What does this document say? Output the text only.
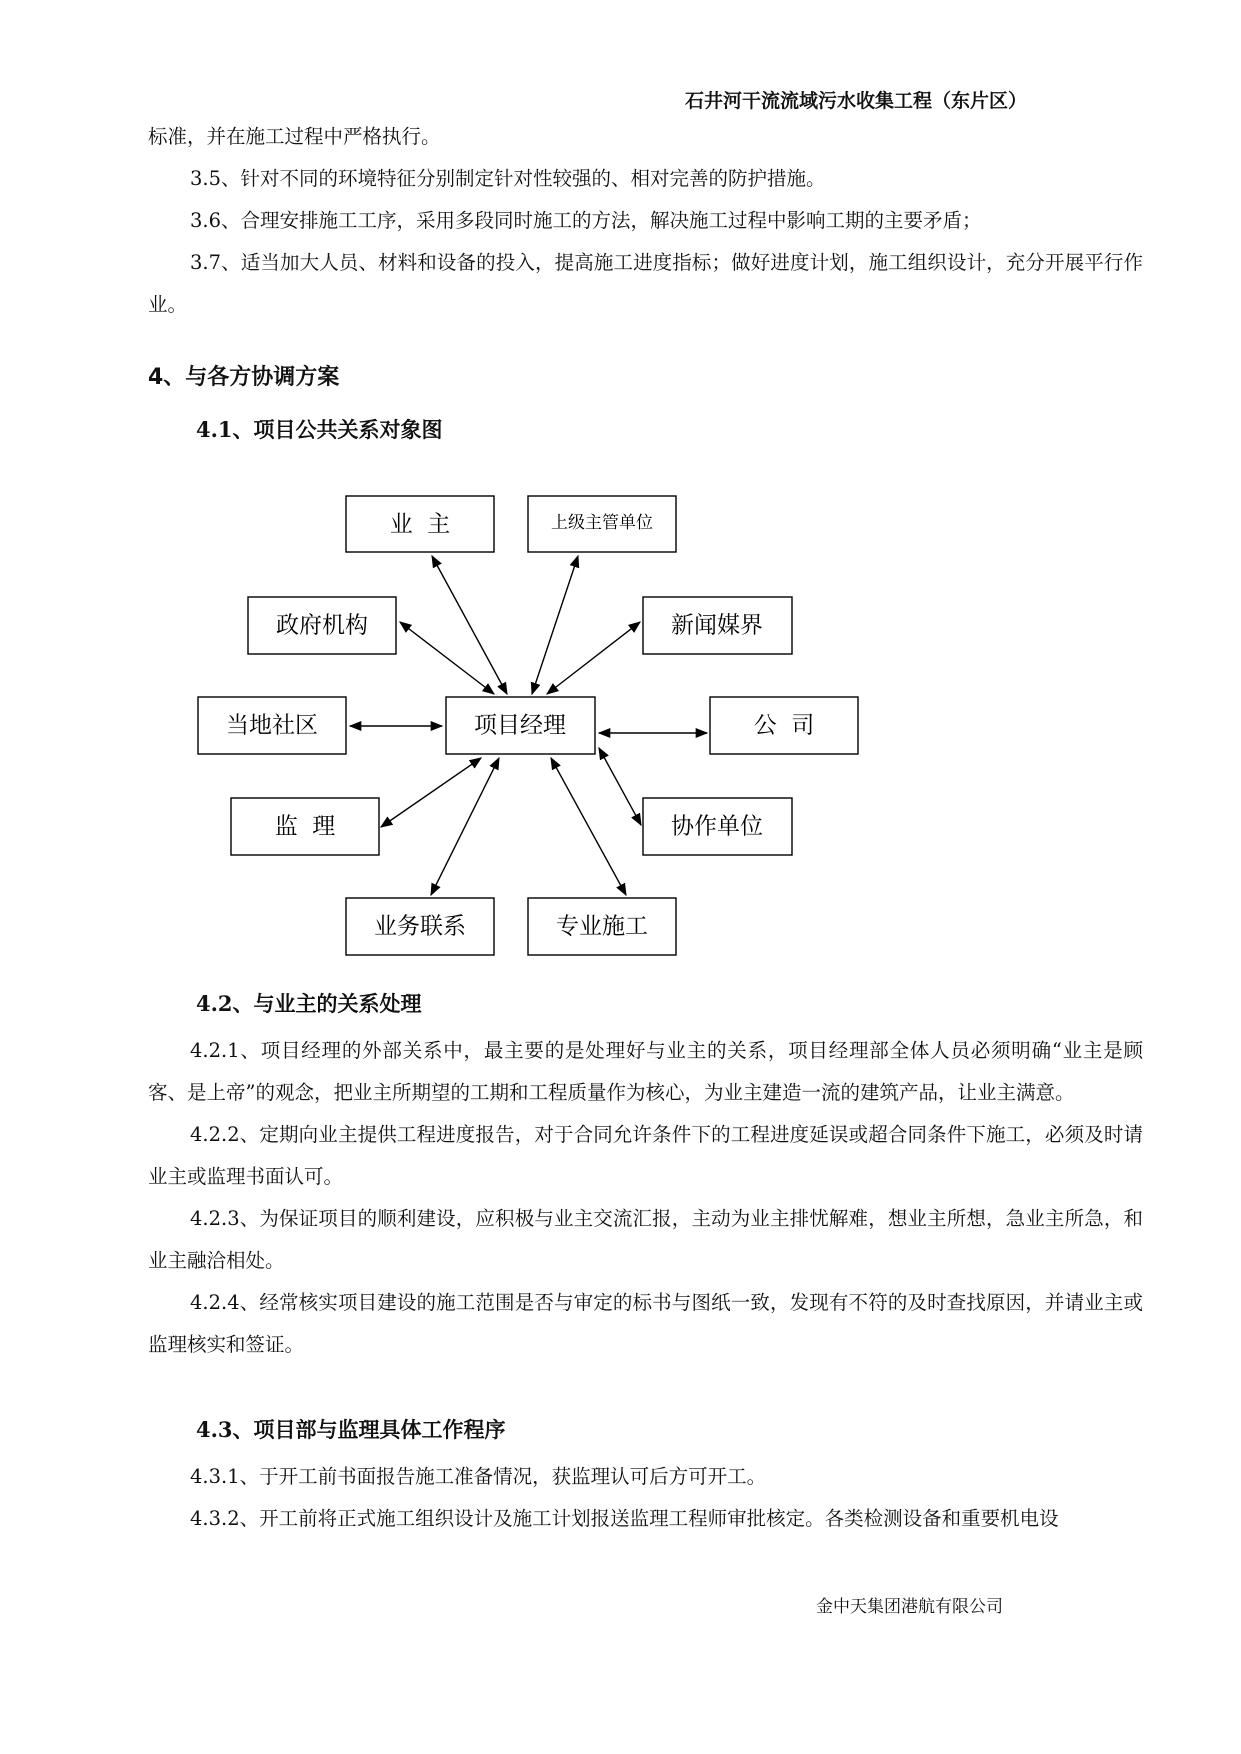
石井河干流流域污水收集工程（东片区）

标准，并在施工过程中严格执行。

3.5、针对不同的环境特征分别制定针对性较强的、相对完善的防护措施。

3.6、合理安排施工工序，采用多段同时施工的方法，解决施工过程中影响工期的主要矛盾；

3.7、适当加大人员、材料和设备的投入，提高施工进度指标；做好进度计划，施工组织设计，充分开展平行作业。

4、与各方协调方案
4.1、项目公共关系对象图
业  主	上级主管单位
政府机构	新闻媒界
当地社区	项目经理	公  司
监  理	协作单位
业务联系	专业施工
4.2、与业主的关系处理

4.2.1、项目经理的外部关系中，最主要的是处理好与业主的关系，项目经理部全体人员必须明确“业主是顾客、是上帝”的观念，把业主所期望的工期和工程质量作为核心，为业主建造一流的建筑产品，让业主满意。

4.2.2、定期向业主提供工程进度报告，对于合同允许条件下的工程进度延误或超合同条件下施工，必须及时请业主或监理书面认可。

4.2.3、为保证项目的顺利建设，应积极与业主交流汇报，主动为业主排忧解难，想业主所想，急业主所急，和业主融洽相处。

4.2.4、经常核实项目建设的施工范围是否与审定的标书与图纸一致，发现有不符的及时查找原因，并请业主或监理核实和签证。

4.3、项目部与监理具体工作程序

4.3.1、于开工前书面报告施工准备情况，获监理认可后方可开工。

4.3.2、开工前将正式施工组织设计及施工计划报送监理工程师审批核定。各类检测设备和重要机电设

金中天集团港航有限公司
